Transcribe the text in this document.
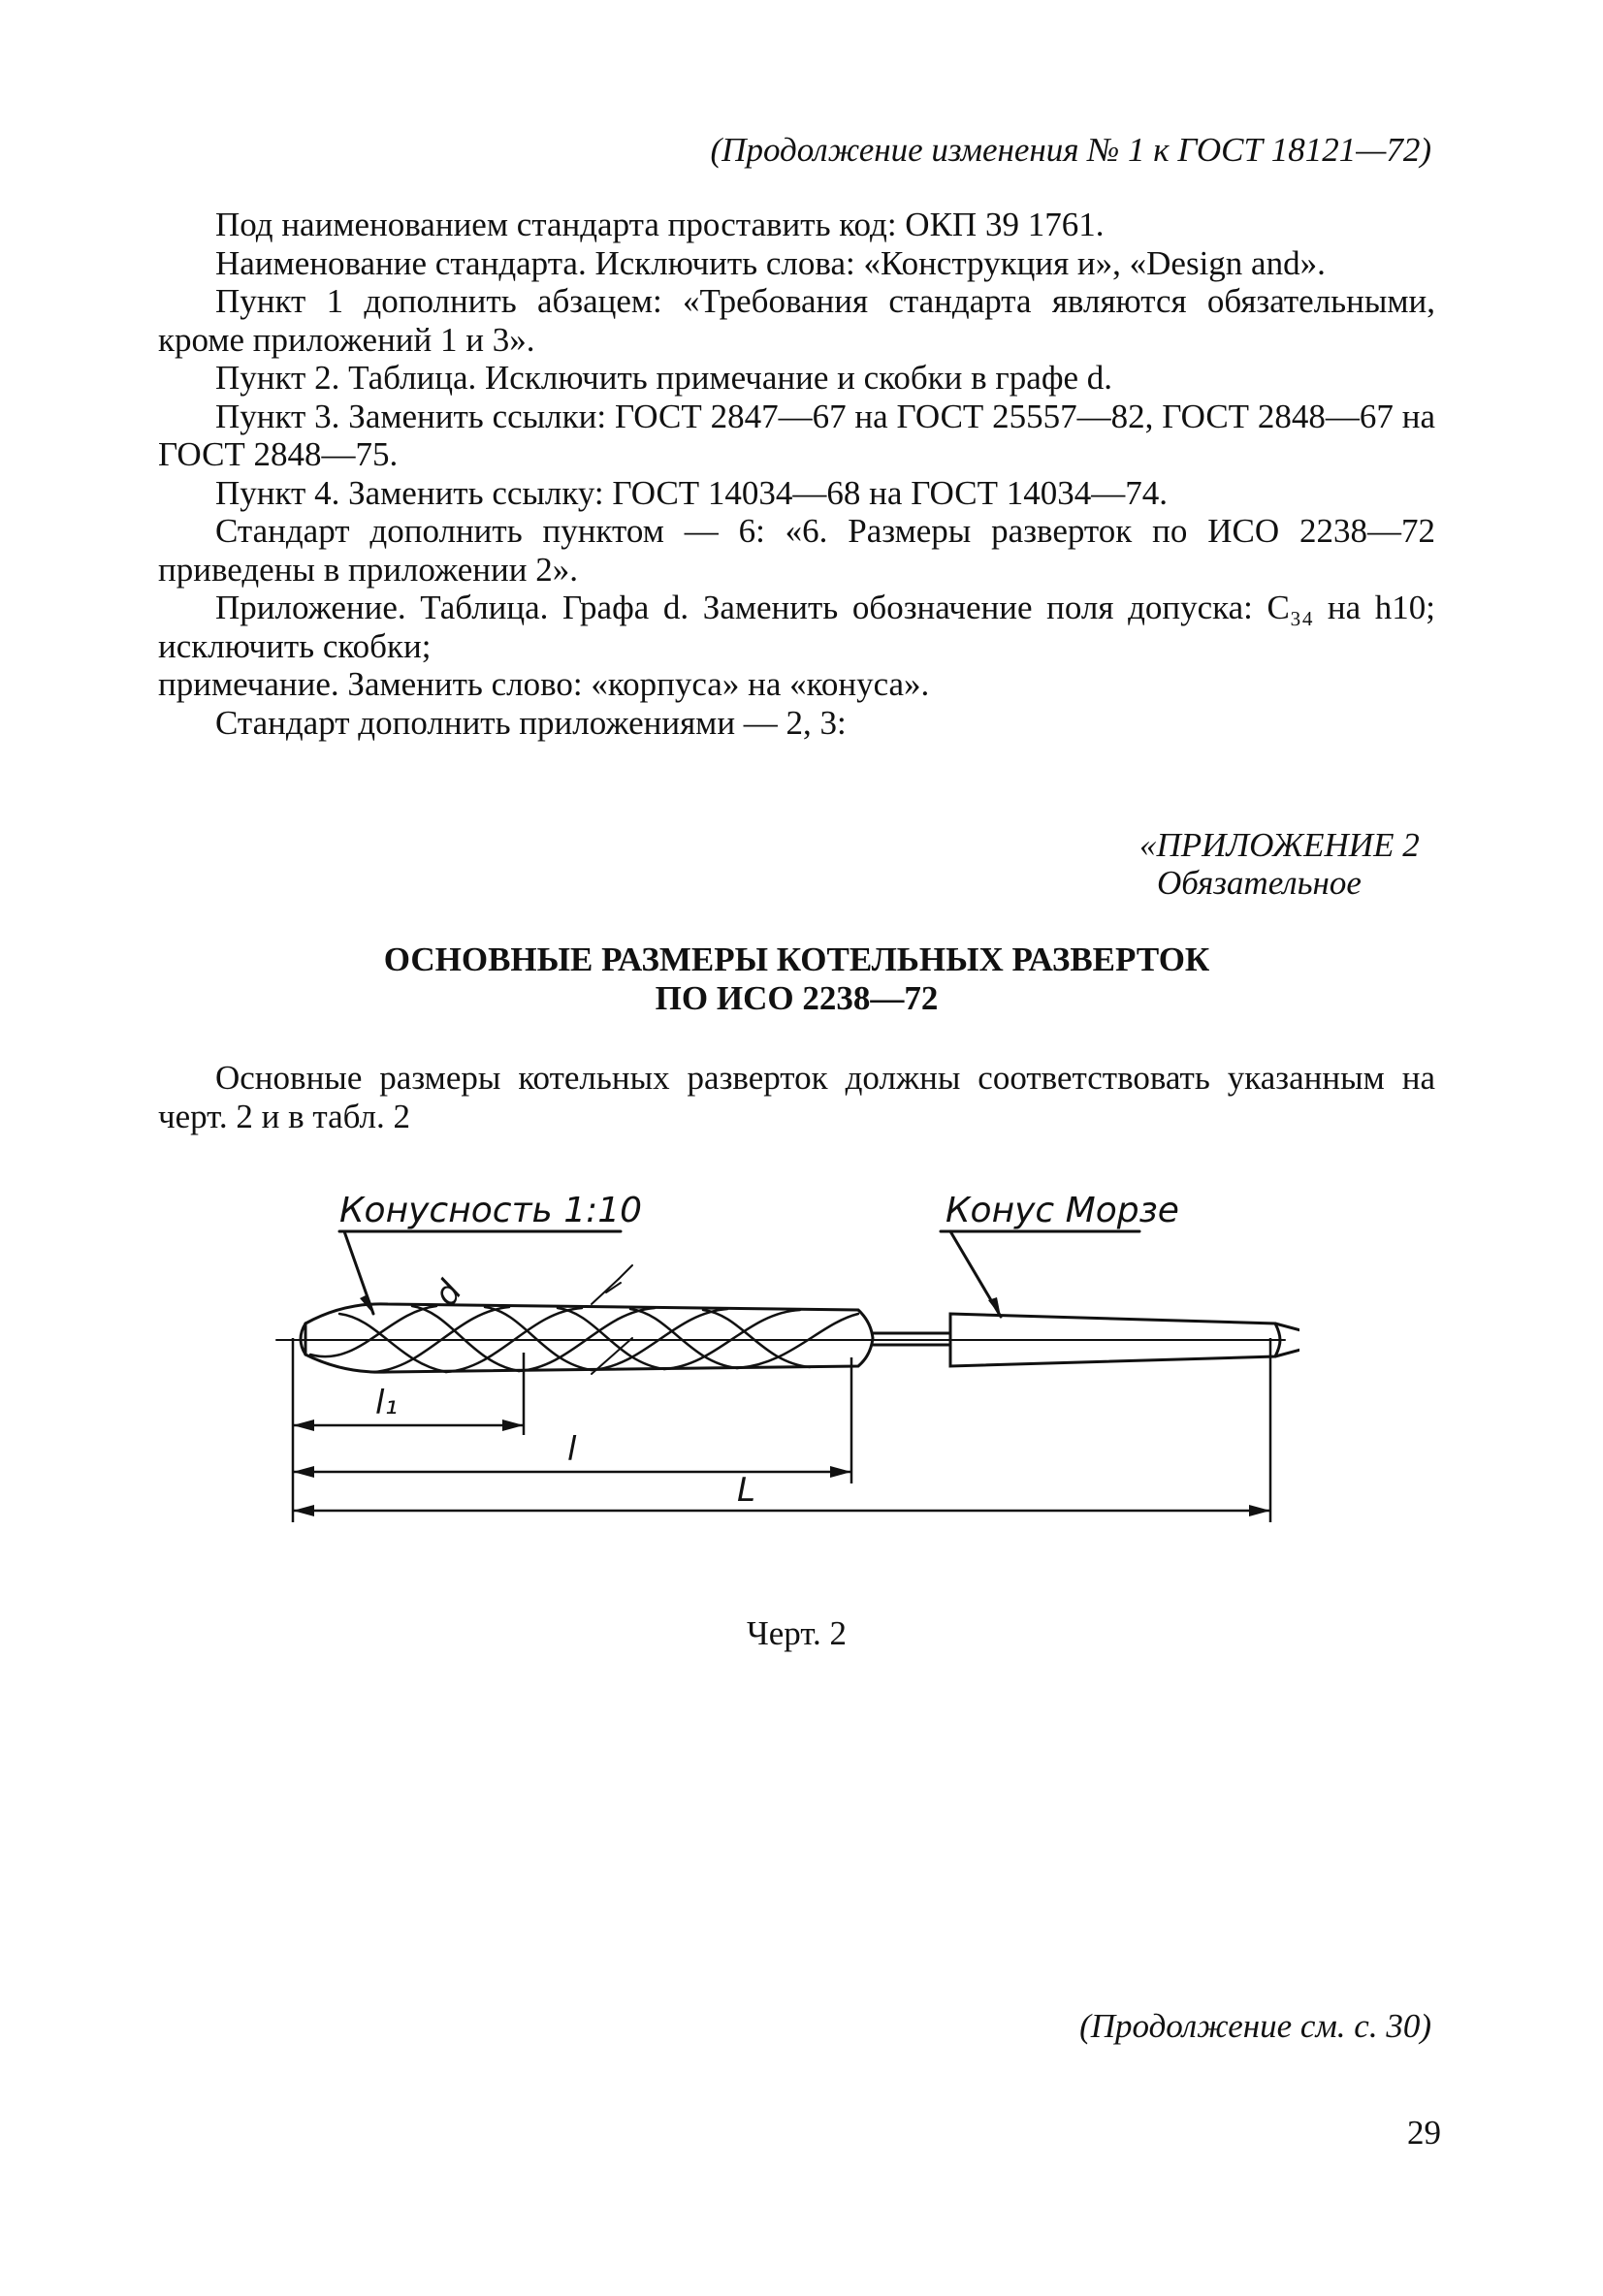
(Продолжение изменения № 1 к ГОСТ 18121—72)

Под наименованием стандарта проставить код: ОКП 39 1761.

Наименование стандарта. Исключить слова: «Конструкция и», «Design and».

Пункт 1 дополнить абзацем: «Требования стандарта являются обязательными, кроме приложений 1 и 3».

Пункт 2. Таблица. Исключить примечание и скобки в графе d.

Пункт 3. Заменить ссылки: ГОСТ 2847—67 на ГОСТ 25557—82, ГОСТ 2848—67 на ГОСТ 2848—75.

Пункт 4. Заменить ссылку: ГОСТ 14034—68 на ГОСТ 14034—74.

Стандарт дополнить пунктом — 6: «6. Размеры разверток по ИСО 2238—72 приведены в приложении 2».

Приложение. Таблица. Графа d. Заменить обозначение поля допуска: C₃₄ на h10; исключить скобки;

примечание. Заменить слово: «корпуса» на «конуса».

Стандарт дополнить приложениями — 2, 3:

«ПРИЛОЖЕНИЕ 2
Обязательное
ОСНОВНЫЕ РАЗМЕРЫ КОТЕЛЬНЫХ РАЗВЕРТОК
ПО ИСО 2238—72
Основные размеры котельных разверток должны соответствовать указанным на черт. 2 и в табл. 2
Конусность 1:10	Конус Морзе
d
l₁
l
L
Черт. 2
(Продолжение см. с. 30)
29
